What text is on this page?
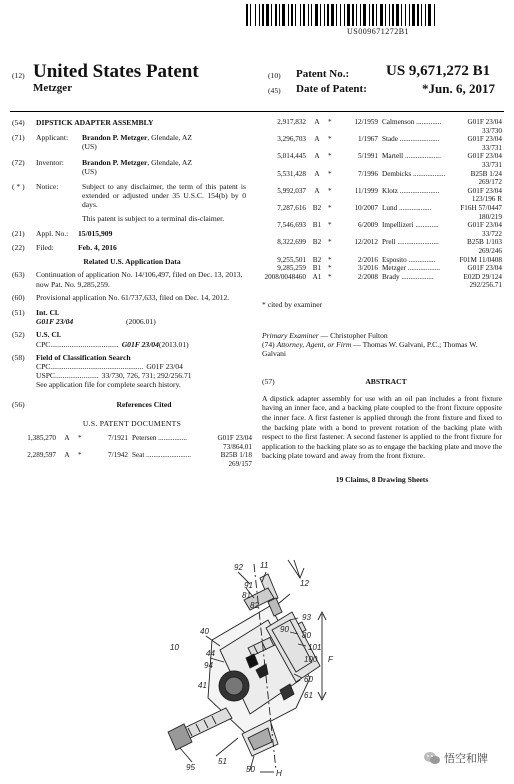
US009671272B1
(12) United States Patent
Metzger
(10) Patent No.: US 9,671,272 B1
(45) Date of Patent:	*Jun. 6, 2017
(54)	DIPSTICK ADAPTER ASSEMBLY
(71)	Applicant:	Brandon P. Metzger, Glendale, AZ
(US)
(72)	Inventor:	Brandon P. Metzger, Glendale, AZ
(US)
( * )	Notice:	Subject to any disclaimer, the term of this patent is extended or adjusted under 35 U.S.C. 154(b) by 0 days.
This patent is subject to a terminal dis-claimer.
(21)	Appl. No.:	15/015,909
(22)	Filed:	Feb. 4, 2016
Related U.S. Application Data
(63)	Continuation of application No. 14/106,497, filed on Dec. 13, 2013, now Pat. No. 9,285,259.
(60)	Provisional application No. 61/737,633, filed on Dec. 14, 2012.
(51)	Int. Cl.
G01F 23/04	(2006.01)
(52)	U.S. Cl.
CPC .................................... G01F 23/04 (2013.01)
(58)	Field of Classification Search
CPC ................................................. G01F 23/04
USPC ....................... 33/730, 726, 731; 292/256.71
See application file for complete search history.
(56)	References Cited
U.S. PATENT DOCUMENTS
1,385,270	A	*	7/1921 Petersen ................	G01F 23/04
73/864.01
2,289,597	A	*	7/1942 Seat .........................	B25B 1/18
269/157
2,917,832	A	*	12/1959 Calmenson ..............	G01F 23/04
33/730
3,296,703	A	*	1/1967 Stade ......................	G01F 23/04
33/731
5,014,445	A	*	5/1991 Martell ....................	G01F 23/04
33/731
5,531,428	A	*	7/1996 Dembicks ..................	B25B 1/24
269/172
5,992,037	A	*	11/1999 Klotz ......................	G01F 23/04
123/196 R
7,287,616 B2 *	10/2007 Lund ..................	F16H 57/0447
180/219
7,546,693 B1 *	6/2009 Impellizeri .............	G01F 23/04
33/722
8,322,699 B2 *	12/2012 Prell .......................	B25B 1/103
269/246
9,255,501 B2 *	2/2016 Esposito ...............	F01M 11/0408
9,285,259 B1 *	3/2016 Metzger ..................	G01F 23/04
2008/0048460 A1 *	2/2008 Brady ..................	E02D 29/124
292/256.71
* cited by examiner
Primary Examiner — Christopher Fulton
(74) Attorney, Agent, or Firm — Thomas W. Galvani, P.C.; Thomas W. Galvani
(57)	ABSTRACT
A dipstick adapter assembly for use with an oil pan includes a front fixture having an inner face, and a backing plate coupled to the front fixture opposite the inner face. A first fastener is applied through the front fixture and fixed to the backing plate with a bond to prevent rotation of the backing plate with respect to the first fastener. A second fastener is applied to the front fixture for application to the backing plate so as to engage the backing plate and move the backing plate toward and away from the front fixture.
19 Claims, 8 Drawing Sheets
92 11
91	12
81
82
93
80
40
101
100
10
44
90
94
41
F
60
61
50
51
95
H
悟空和牌
